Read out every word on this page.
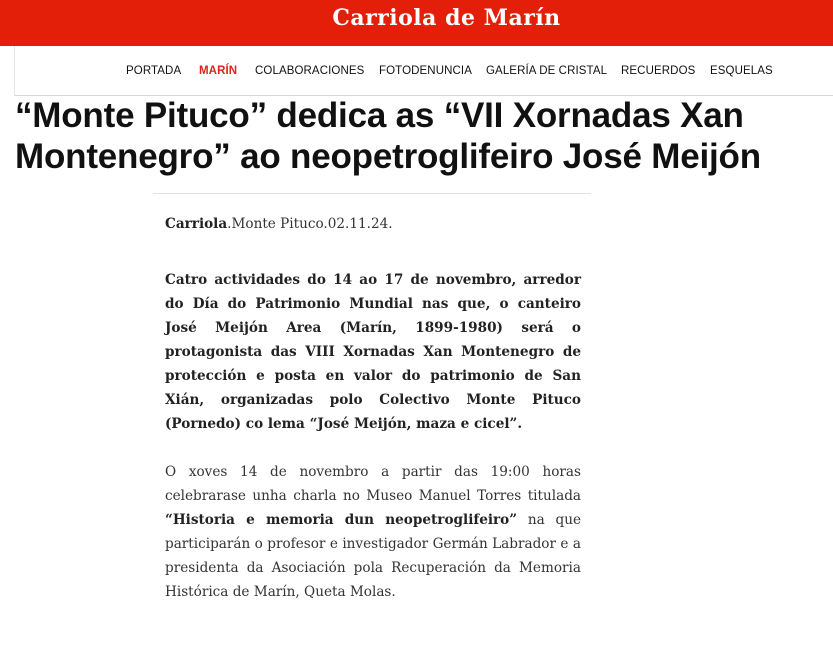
Carriola de Marín
PORTADA MARÍN COLABORACIONES FOTODENUNCIA GALERÍA DE CRISTAL RECUERDOS ESQUELAS
“Monte Pituco” dedica as “VII Xornadas Xan Montenegro” ao neopetroglifeiro José Meijón

Carriola.Monte Pituco.02.11.24.

Catro actividades do 14 ao 17 de novembro, arredor do Día do Patrimonio Mundial nas que, o canteiro José Meijón Area (Marín, 1899-1980) será o protagonista das VIII Xornadas Xan Montenegro de protección e posta en valor do patrimonio de San Xián, organizadas polo Colectivo Monte Pituco (Pornedo) co lema “José Meijón, maza e cicel”.

O xoves 14 de novembro a partir das 19:00 horas celebrarase unha charla no Museo Manuel Torres titulada “Historia e memoria dun neopetroglifeiro” na que participarán o profesor e investigador Germán Labrador e a presidenta da Asociación pola Recuperación da Memoria Histórica de Marín, Queta Molas.
